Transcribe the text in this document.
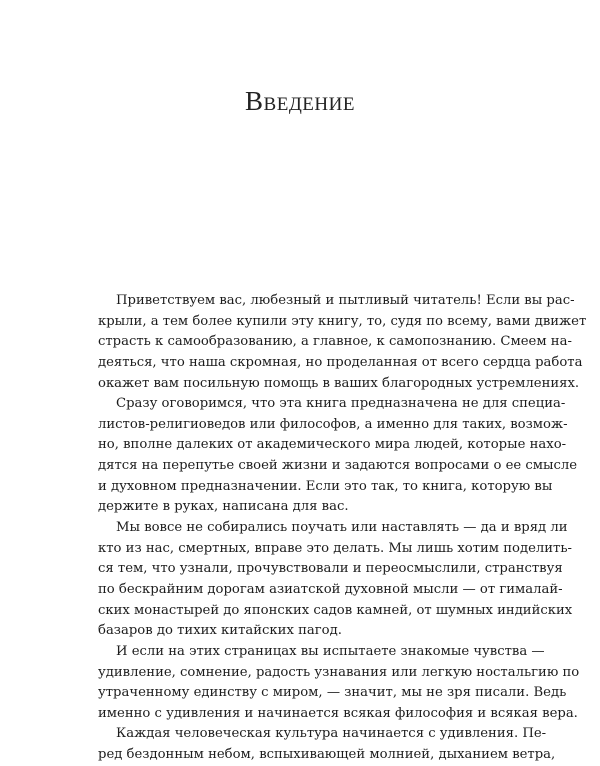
Введение
Приветствуем вас, любезный и пытливый читатель! Если вы рас-
крыли, а тем более купили эту книгу, то, судя по всему, вами движет
страсть к самообразованию, а главное, к самопознанию. Смеем на-
деяться, что наша скромная, но проделанная от всего сердца работа
окажет вам посильную помощь в ваших благородных устремлениях.
Сразу оговоримся, что эта книга предназначена не для специа-
листов-религиоведов или философов, а именно для таких, возмож-
но, вполне далеких от академического мира людей, которые нахо-
дятся на перепутье своей жизни и задаются вопросами о ее смысле
и духовном предназначении. Если это так, то книга, которую вы
держите в руках, написана для вас.
Мы вовсе не собирались поучать или наставлять — да и вряд ли
кто из нас, смертных, вправе это делать. Мы лишь хотим поделить-
ся тем, что узнали, прочувствовали и переосмыслили, странствуя
по бескрайним дорогам азиатской духовной мысли — от гималай-
ских монастырей до японских садов камней, от шумных индийских
базаров до тихих китайских пагод.
И если на этих страницах вы испытаете знакомые чувства —
удивление, сомнение, радость узнавания или легкую ностальгию по
утраченному единству с миром, — значит, мы не зря писали. Ведь
именно с удивления и начинается всякая философия и всякая вера.
Каждая человеческая культура начинается с удивления. Пе-
ред бездонным небом, вспыхивающей молнией, дыханием ветра,
